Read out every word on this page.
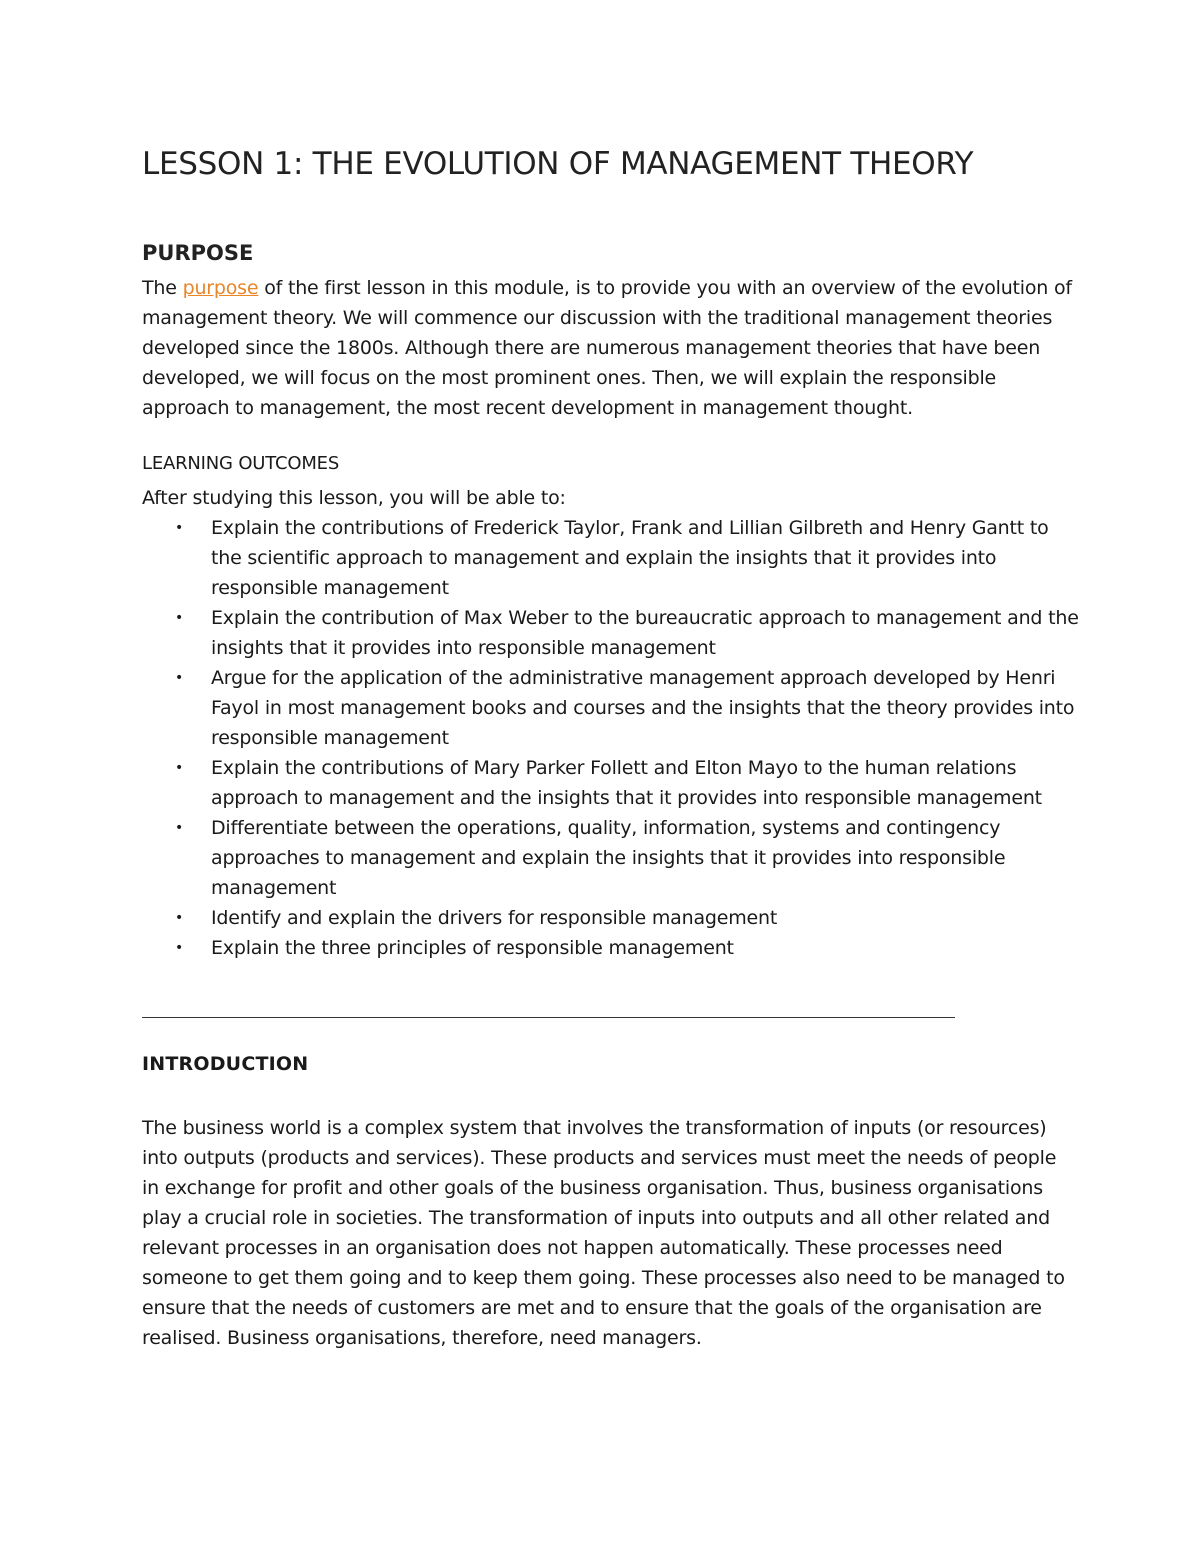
LESSON 1: THE EVOLUTION OF MANAGEMENT THEORY
PURPOSE

The purpose of the first lesson in this module, is to provide you with an overview of the evolution of management theory. We will commence our discussion with the traditional management theories developed since the 1800s. Although there are numerous management theories that have been developed, we will focus on the most prominent ones. Then, we will explain the responsible approach to management, the most recent development in management thought.

LEARNING OUTCOMES

After studying this lesson, you will be able to:

• Explain the contributions of Frederick Taylor, Frank and Lillian Gilbreth and Henry Gantt to the scientific approach to management and explain the insights that it provides into responsible management
• Explain the contribution of Max Weber to the bureaucratic approach to management and the insights that it provides into responsible management
• Argue for the application of the administrative management approach developed by Henri Fayol in most management books and courses and the insights that the theory provides into responsible management
• Explain the contributions of Mary Parker Follett and Elton Mayo to the human relations approach to management and the insights that it provides into responsible management
• Differentiate between the operations, quality, information, systems and contingency approaches to management and explain the insights that it provides into responsible management
• Identify and explain the drivers for responsible management
• Explain the three principles of responsible management
INTRODUCTION

The business world is a complex system that involves the transformation of inputs (or resources) into outputs (products and services). These products and services must meet the needs of people in exchange for profit and other goals of the business organisation. Thus, business organisations play a crucial role in societies. The transformation of inputs into outputs and all other related and relevant processes in an organisation does not happen automatically. These processes need someone to get them going and to keep them going. These processes also need to be managed to ensure that the needs of customers are met and to ensure that the goals of the organisation are realised. Business organisations, therefore, need managers.
